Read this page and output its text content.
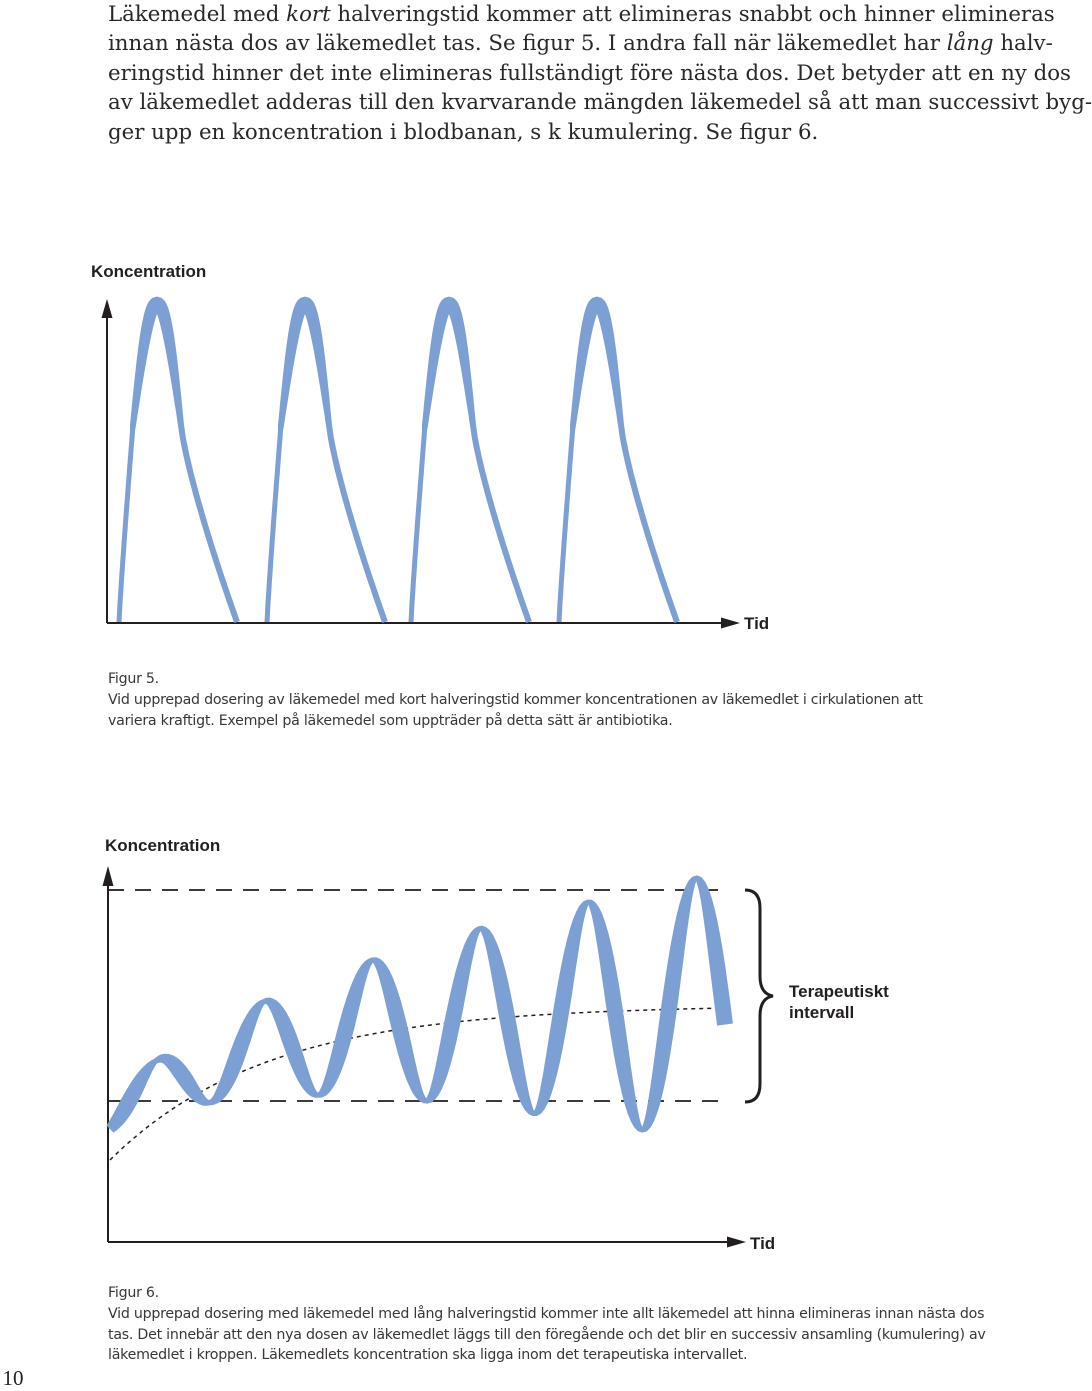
Läkemedel med kort halveringstid kommer att elimineras snabbt och hinner elimineras
innan nästa dos av läkemedlet tas. Se figur 5. I andra fall när läkemedlet har lång halv-
eringstid hinner det inte elimineras fullständigt före nästa dos. Det betyder att en ny dos
av läkemedlet adderas till den kvarvarande mängden läkemedel så att man successivt byg-
ger upp en koncentration i blodbanan, s k kumulering. Se figur 6.

Koncentration
Tid

Figur 5.
Vid upprepad dosering av läkemedel med kort halveringstid kommer koncentrationen av läkemedlet i cirkulationen att
variera kraftigt. Exempel på läkemedel som uppträder på detta sätt är antibiotika.

Koncentration
Tid
Terapeutiskt
intervall

Figur 6.
Vid upprepad dosering med läkemedel med lång halveringstid kommer inte allt läkemedel att hinna elimineras innan nästa dos
tas. Det innebär att den nya dosen av läkemedlet läggs till den föregående och det blir en successiv ansamling (kumulering) av
läkemedlet i kroppen. Läkemedlets koncentration ska ligga inom det terapeutiska intervallet.

10
